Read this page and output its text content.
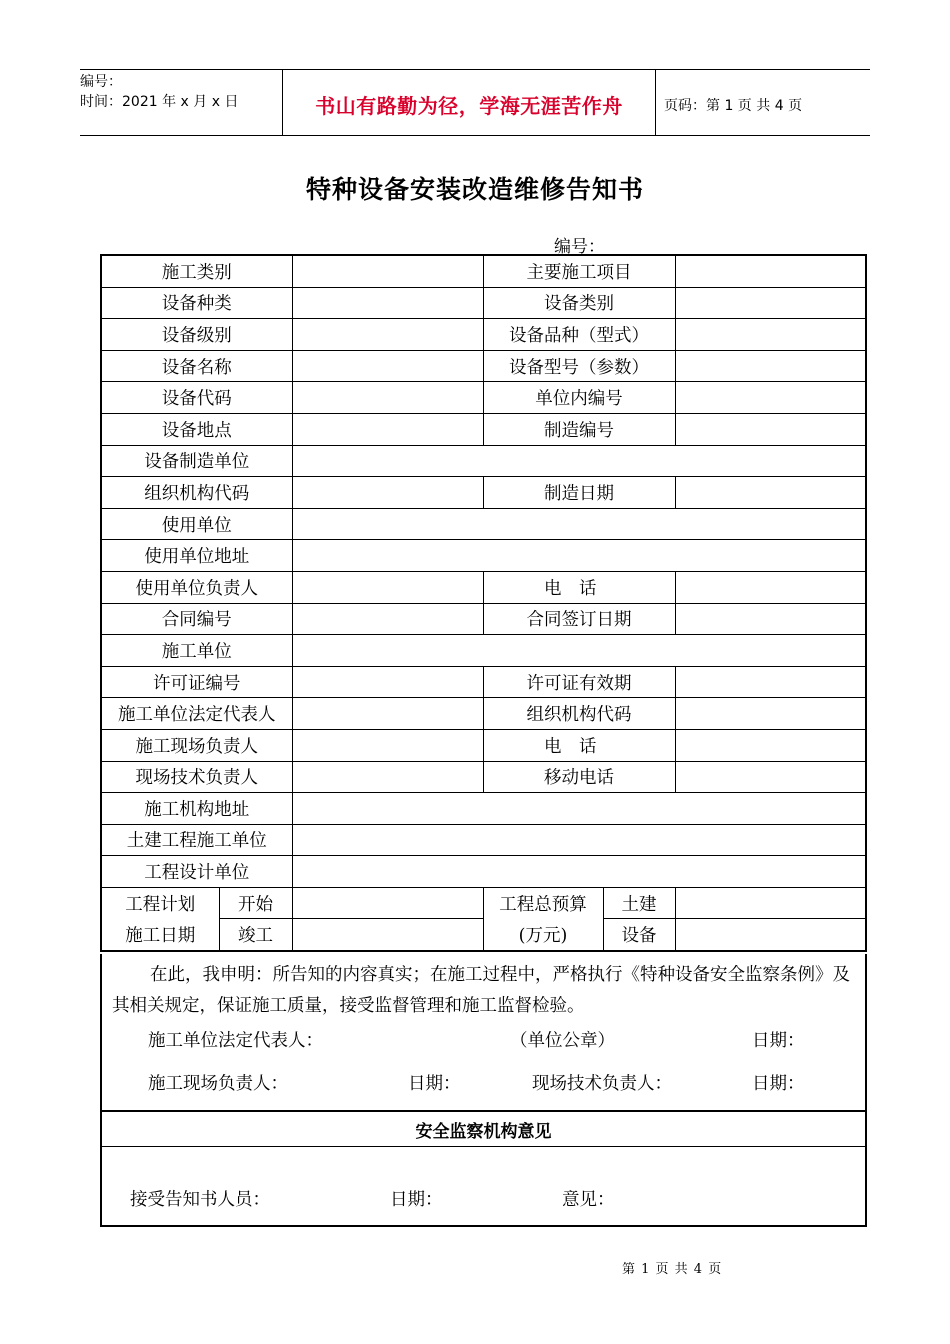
编号：
时间：2021 年 x 月 x 日	书山有路勤为径，学海无涯苦作舟	页码：第 1 页 共 4 页
特种设备安装改造维修告知书
编号：
施工类别			主要施工项目		
设备种类			设备类别		
设备级别			设备品种（型式）		
设备名称			设备型号（参数）		
设备代码			单位内编号		
设备地点			制造编号		
设备制造单位					
组织机构代码			制造日期		
使用单位					
使用单位地址					
使用单位负责人			电话		
合同编号			合同签订日期		
施工单位					
许可证编号			许可证有效期		
施工单位法定代表人			组织机构代码		
施工现场负责人			电话		
现场技术负责人			移动电话		
施工机构地址					
土建工程施工单位					
工程设计单位					
工程计划	开始		工程总预算	土建	
施工日期	竣工		(万元)	设备	
在此，我申明：所告知的内容真实；在施工过程中，严格执行《特种设备安全监察条例》及其相关规定，保证施工质量，接受监督管理和施工监督检验。
施工单位法定代表人：	（单位公章）	日期：
施工现场负责人：	日期：	现场技术负责人：	日期：
安全监察机构意见
接受告知书人员：	日期：	意见：
第 1 页 共 4 页
